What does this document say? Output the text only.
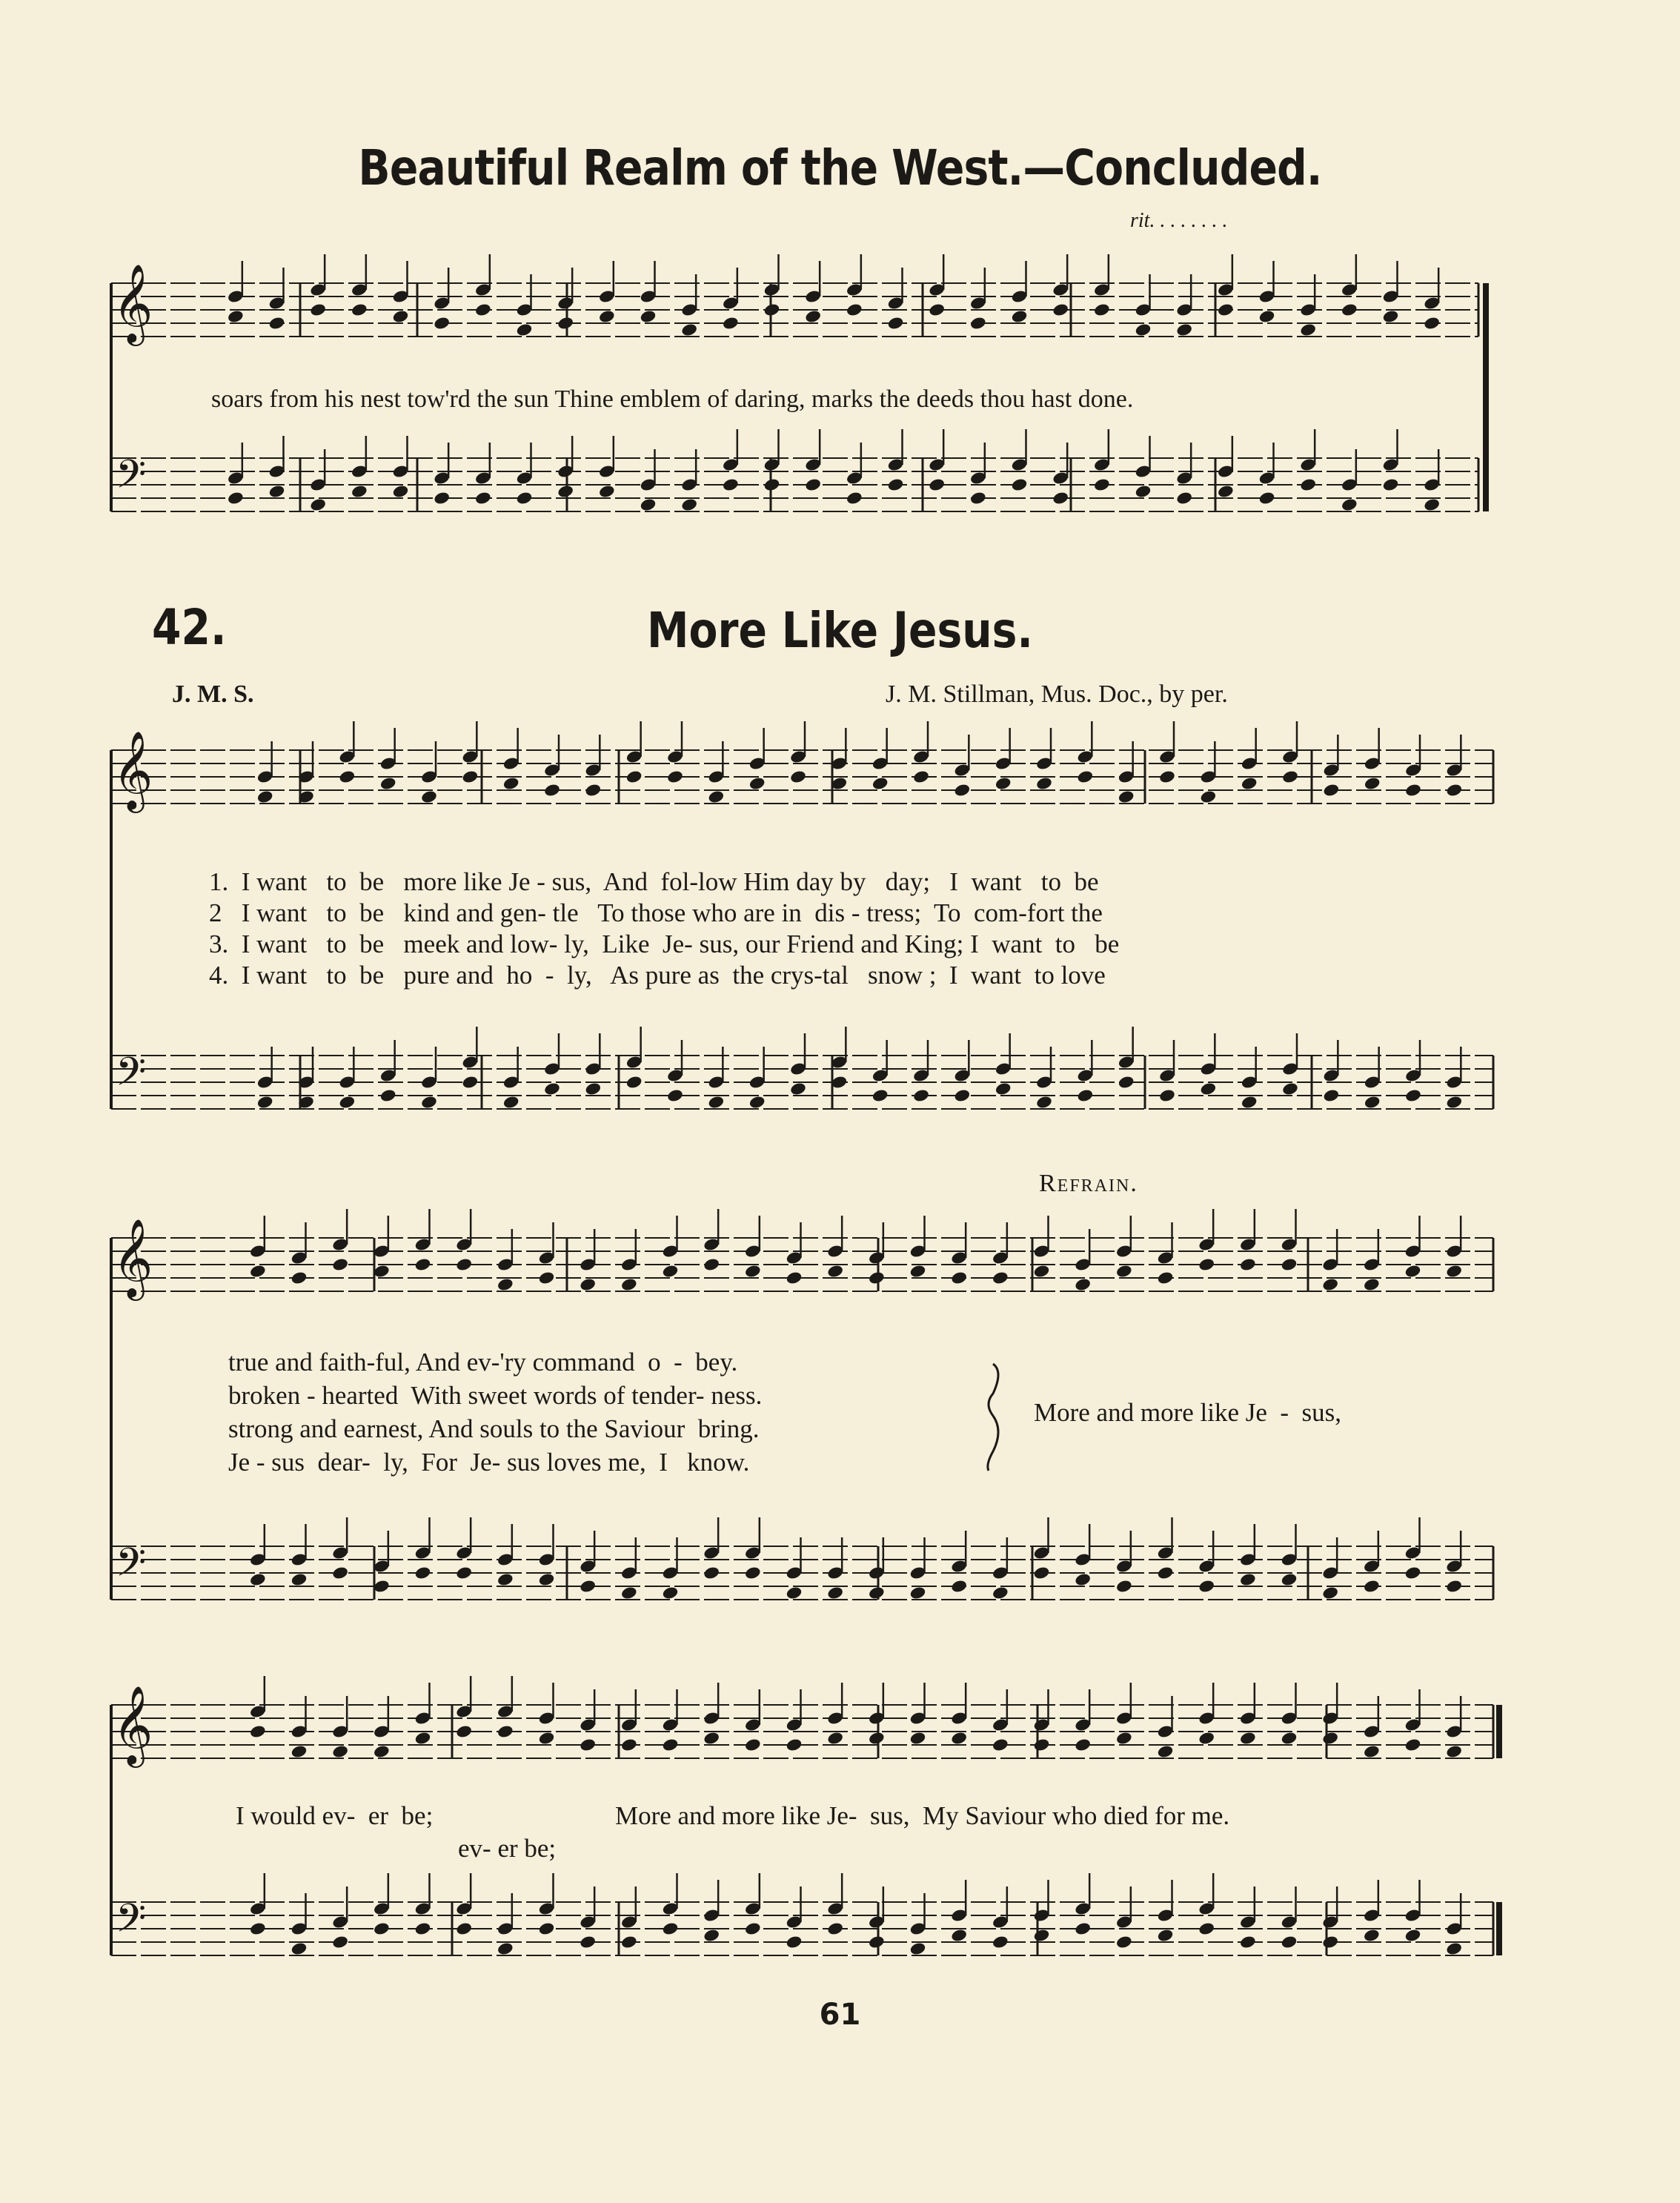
𝄞
𝄢
𝄞
𝄢
𝄞
𝄢
𝄞
𝄢
Beautiful Realm of the West.—Concluded.
rit. . . . . . . .
soars from his nest tow'rd the sun Thine emblem of daring, marks the deeds thou hast done.
42.	More Like Jesus.
J. M. S.	J. M. Stillman, Mus. Doc., by per.
1.  I want   to  be   more like Je - sus,  And  fol-low Him day by   day;   I  want   to  be
2   I want   to  be   kind and gen- tle   To those who are in  dis - tress;  To  com-fort the
3.  I want   to  be   meek and low- ly,  Like  Je- sus, our Friend and King; I  want  to   be
4.  I want   to  be   pure and  ho  -  ly,   As pure as  the crys-tal   snow ;  I  want  to love
Refrain.
true and faith-ful, And ev-'ry command  o  -  bey.
broken - hearted  With sweet words of tender- ness.
strong and earnest, And souls to the Saviour  bring.
Je - sus  dear-  ly,  For  Je- sus loves me,  I   know.
More and more like Je  -  sus,
I would ev-  er  be;
ev- er be;
More and more like Je-  sus,  My Saviour who died for me.
61
